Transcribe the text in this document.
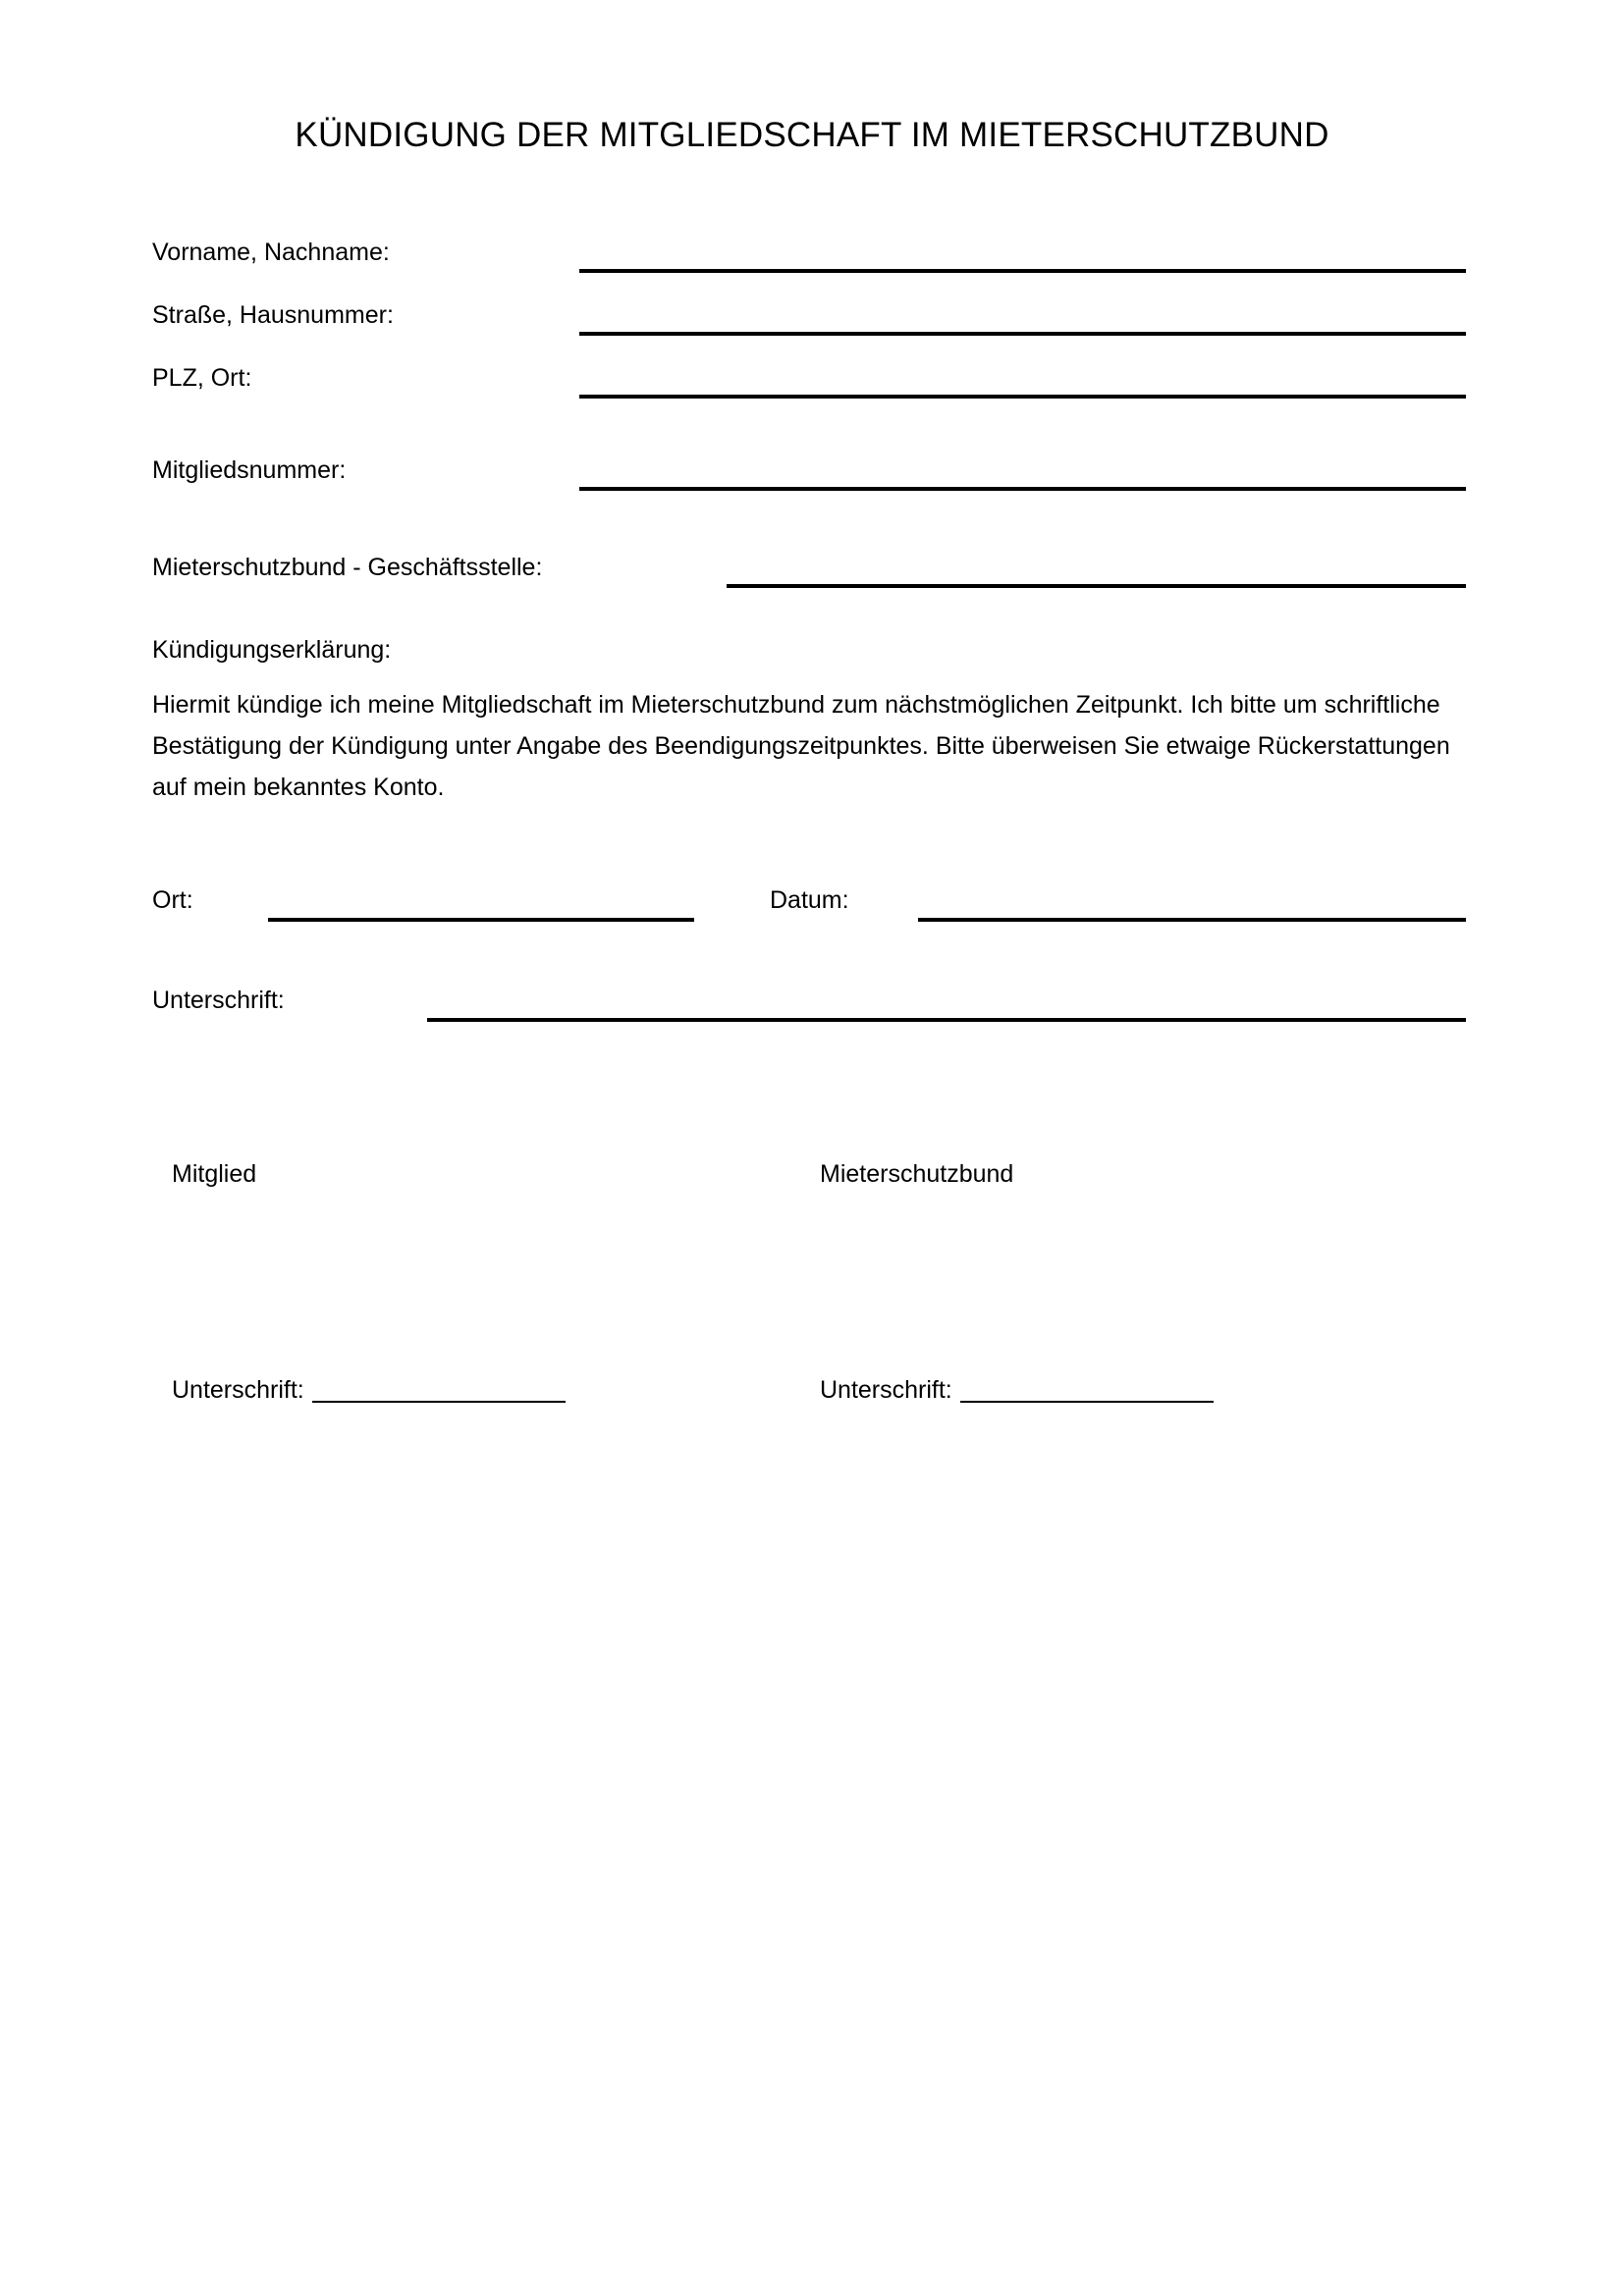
KÜNDIGUNG DER MITGLIEDSCHAFT IM MIETERSCHUTZBUND
Vorname, Nachname:
Straße, Hausnummer:
PLZ, Ort:
Mitgliedsnummer:
Mieterschutzbund - Geschäftsstelle:
Kündigungserklärung:
Hiermit kündige ich meine Mitgliedschaft im Mieterschutzbund zum nächstmöglichen Zeitpunkt. Ich bitte um schriftliche Bestätigung der Kündigung unter Angabe des Beendigungszeitpunktes. Bitte überweisen Sie etwaige Rückerstattungen auf mein bekanntes Konto.
Ort:	Datum:
Unterschrift:
Mitglied	Mieterschutzbund
Unterschrift:	Unterschrift:
